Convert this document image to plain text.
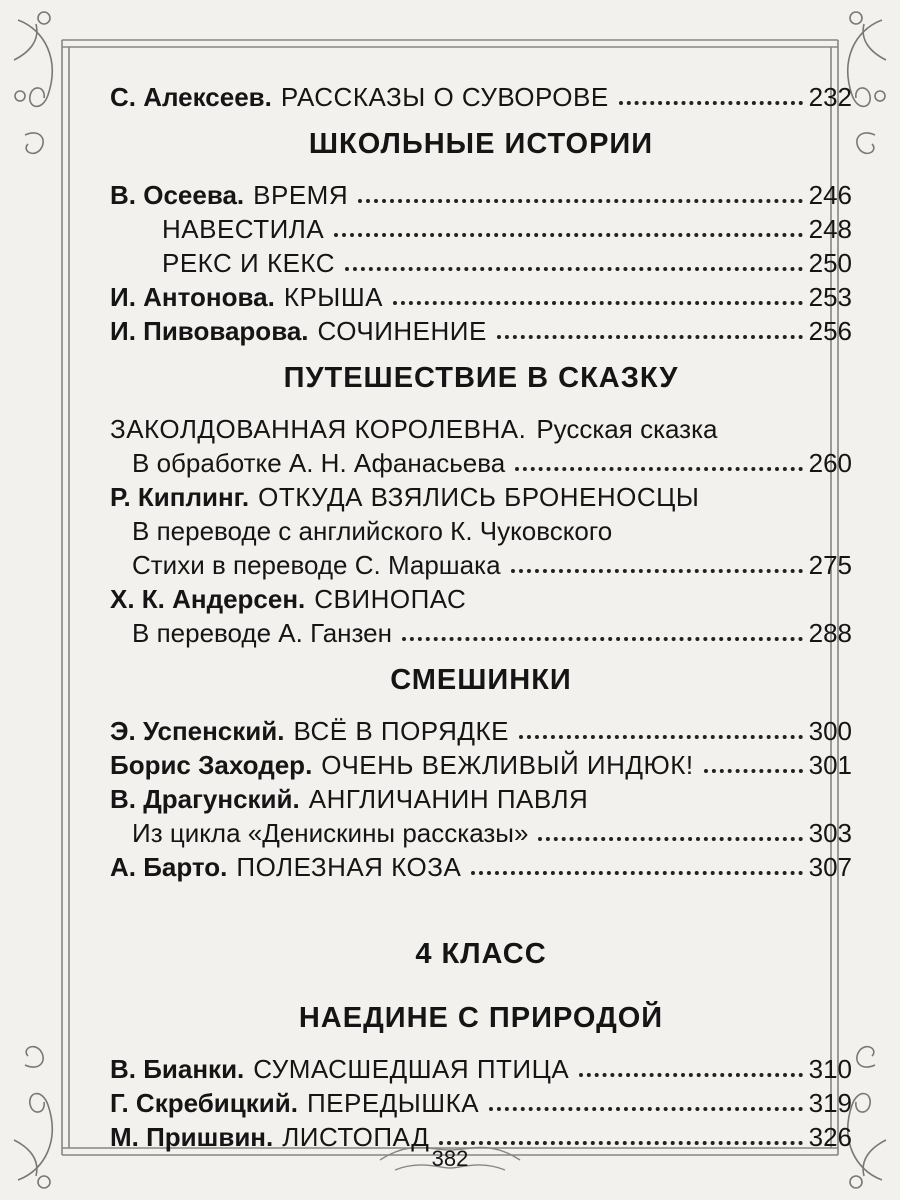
С. Алексеев. РАССКАЗЫ О СУВОРОВЕ	232
ШКОЛЬНЫЕ ИСТОРИИ
В. Осеева. ВРЕМЯ	246
НАВЕСТИЛА	248
РЕКС И КЕКС	250
И. Антонова. КРЫША	253
И. Пивоварова. СОЧИНЕНИЕ	256
ПУТЕШЕСТВИЕ В СКАЗКУ
ЗАКОЛДОВАННАЯ КОРОЛЕВНА. Русская сказка
В обработке А. Н. Афанасьева	260
Р. Киплинг. ОТКУДА ВЗЯЛИСЬ БРОНЕНОСЦЫ
В переводе с английского К. Чуковского
Стихи в переводе С. Маршака	275
Х. К. Андерсен. СВИНОПАС
В переводе А. Ганзен	288
СМЕШИНКИ
Э. Успенский. ВСЁ В ПОРЯДКЕ	300
Борис Заходер. ОЧЕНЬ ВЕЖЛИВЫЙ ИНДЮК!	301
В. Драгунский. АНГЛИЧАНИН ПАВЛЯ
Из цикла «Денискины рассказы»	303
А. Барто. ПОЛЕЗНАЯ КОЗА	307
4 КЛАСС
НАЕДИНЕ С ПРИРОДОЙ
В. Бианки. СУМАСШЕДШАЯ ПТИЦА	310
Г. Скребицкий. ПЕРЕДЫШКА	319
М. Пришвин. ЛИСТОПАД	326
382
